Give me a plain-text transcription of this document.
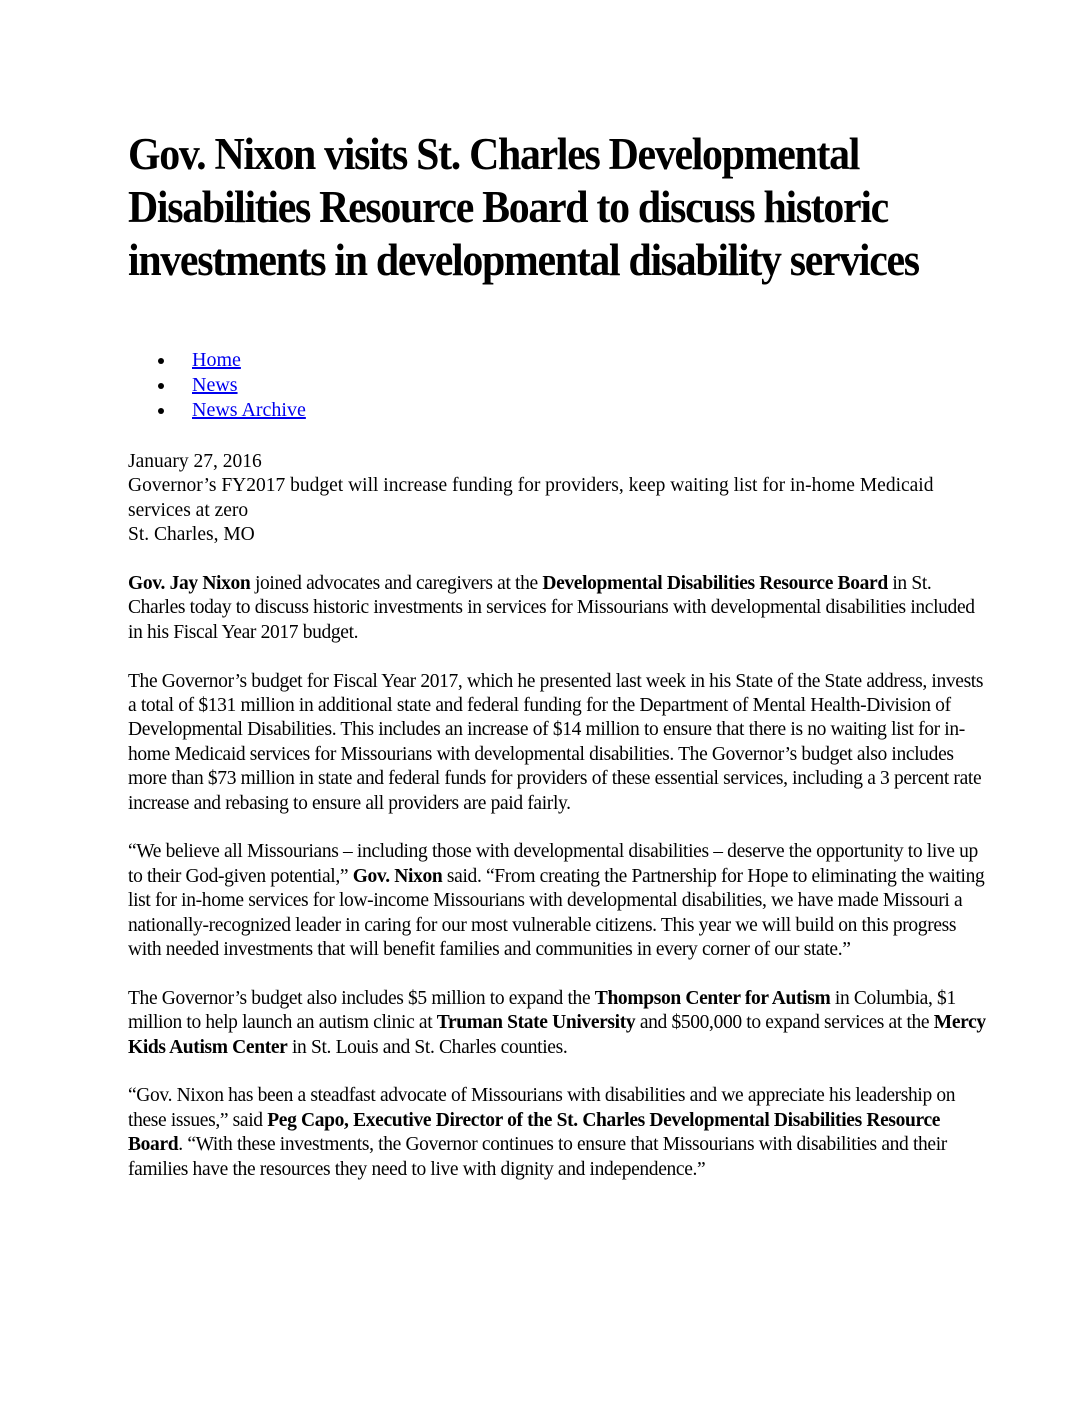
Gov. Nixon visits St. Charles Developmental Disabilities Resource Board to discuss historic investments in developmental disability services
Home
News
News Archive

January 27, 2016
Governor’s FY2017 budget will increase funding for providers, keep waiting list for in-home Medicaid services at zero
St. Charles, MO

Gov. Jay Nixon joined advocates and caregivers at the Developmental Disabilities Resource Board in St. Charles today to discuss historic investments in services for Missourians with developmental disabilities included in his Fiscal Year 2017 budget.

The Governor’s budget for Fiscal Year 2017, which he presented last week in his State of the State address, invests a total of $131 million in additional state and federal funding for the Department of Mental Health-Division of Developmental Disabilities. This includes an increase of $14 million to ensure that there is no waiting list for in-home Medicaid services for Missourians with developmental disabilities. The Governor’s budget also includes more than $73 million in state and federal funds for providers of these essential services, including a 3 percent rate increase and rebasing to ensure all providers are paid fairly.

“We believe all Missourians – including those with developmental disabilities – deserve the opportunity to live up to their God-given potential,” Gov. Nixon said. “From creating the Partnership for Hope to eliminating the waiting list for in-home services for low-income Missourians with developmental disabilities, we have made Missouri a nationally-recognized leader in caring for our most vulnerable citizens. This year we will build on this progress with needed investments that will benefit families and communities in every corner of our state.”

The Governor’s budget also includes $5 million to expand the Thompson Center for Autism in Columbia, $1 million to help launch an autism clinic at Truman State University and $500,000 to expand services at the Mercy Kids Autism Center in St. Louis and St. Charles counties.

“Gov. Nixon has been a steadfast advocate of Missourians with disabilities and we appreciate his leadership on these issues,” said Peg Capo, Executive Director of the St. Charles Developmental Disabilities Resource Board. “With these investments, the Governor continues to ensure that Missourians with disabilities and their families have the resources they need to live with dignity and independence.”
